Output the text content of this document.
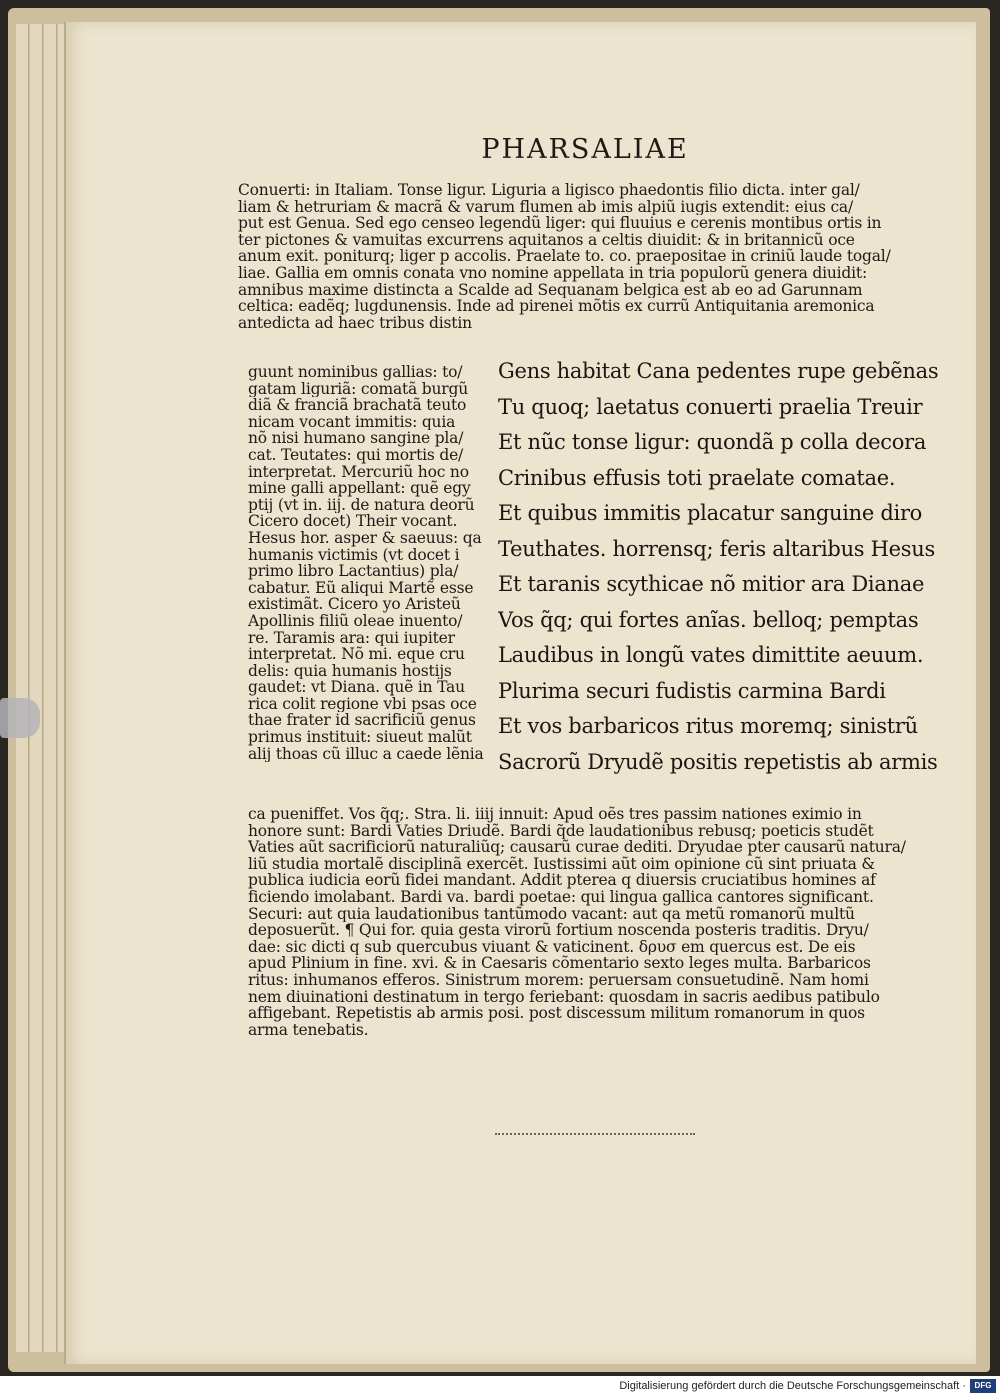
PHARSALIAE
Conuerti: in Italiam. Tonse ligur. Liguria a ligisco phaedontis filio dicta. inter gal/
liam & hetruriam & macrã & varum flumen ab imis alpiũ iugis extendit: eius ca/
put est Genua. Sed ego censeo legendũ liger: qui fluuius e cerenis montibus ortis in
ter pictones & vamuitas excurrens aquitanos a celtis diuidit: & in britannicũ oce
anum exit. poniturq; liger p accolis. Praelate to. co. praepositae in criniũ laude togal/
liae. Gallia em omnis conata vno nomine appellata in tria populorũ genera diuidit:
amnibus maxime distincta a Scalde ad Sequanam belgica est ab eo ad Garunnam
celtica: eadẽq; lugdunensis. Inde ad pirenei mõtis ex currũ Antiquitania aremonica
antedicta ad haec tribus distin
guunt nominibus gallias: to/
gatam liguriã: comatã burgũ
diã & franciã brachatã teuto
nicam vocant immitis: quia
nõ nisi humano sangine pla/
cat. Teutates: qui mortis de/
interpretat. Mercuriũ hoc no
mine galli appellant: quẽ egy
ptij (vt in. iij. de natura deorũ
Cicero docet) Their vocant.
Hesus hor. asper & saeuus: qa
humanis victimis (vt docet i
primo libro Lactantius) pla/
cabatur. Eũ aliqui Martẽ esse
existimãt. Cicero yo Aristeũ
Apollinis filiũ oleae inuento/
re. Taramis ara: qui iupiter
interpretat. Nõ mi. eque cru
delis: quia humanis hostijs
gaudet: vt Diana. quẽ in Tau
rica colit regione vbi psas oce
thae frater id sacrificiũ genus
primus instituit: siueut malũt
alij thoas cũ illuc a caede lẽnia
Gens habitat Cana pedentes rupe gebẽnas
Tu quoq; laetatus conuerti praelia Treuir
Et nũc tonse ligur: quondã p colla decora
Crinibus effusis toti praelate comatae.
Et quibus immitis placatur sanguine diro
Teuthates. horrensq; feris altaribus Hesus
Et taranis scythicae nõ mitior ara Dianae
Vos q̃q; qui fortes anĩas. belloq; pemptas
Laudibus in longũ vates dimittite aeuum.
Plurima securi fudistis carmina Bardi
Et vos barbaricos ritus moremq; sinistrũ
Sacrorũ Dryudẽ positis repetistis ab armis
ca pueniffet. Vos q̃q;. Stra. li. iiij innuit: Apud oẽs tres passim nationes eximio in
honore sunt: Bardi Vaties Driudẽ. Bardi q̃de laudationibus rebusq; poeticis studẽt
Vaties aũt sacrificiorũ naturaliũq; causarũ curae dediti. Dryudae pter causarũ natura/
liũ studia mortalẽ disciplinã exercẽt. Iustissimi aũt oim opinione cũ sint priuata &
publica iudicia eorũ fidei mandant. Addit ptereа q diuersis cruciatibus homines af
ficiendo imolabant. Bardi va. bardi poetae: qui lingua gallica cantores significant.
Securi: aut quia laudationibus tantũmodo vacant: aut qa metũ romanorũ multũ
deposuerũt. ¶ Qui for. quia gesta virorũ fortium noscenda posteris traditis. Dryu/
dae: sic dicti q sub quercubus viuant & vaticinent. δρυσ em quercus est. De eis
apud Plinium in fine. xvi. & in Caesaris cõmentario sexto leges multa. Barbaricos
ritus: inhumanos efferos. Sinistrum morem: peruersam consuetudinẽ. Nam homi
nem diuinationi destinatum in tergo feriebant: quosdam in sacris aedibus patibulo
affigebant. Repetistis ab armis posi. post discessum militum romanorum in quos
arma tenebatis.
Digitalisierung gefördert durch die Deutsche Forschungsgemeinschaft ·	DFG
